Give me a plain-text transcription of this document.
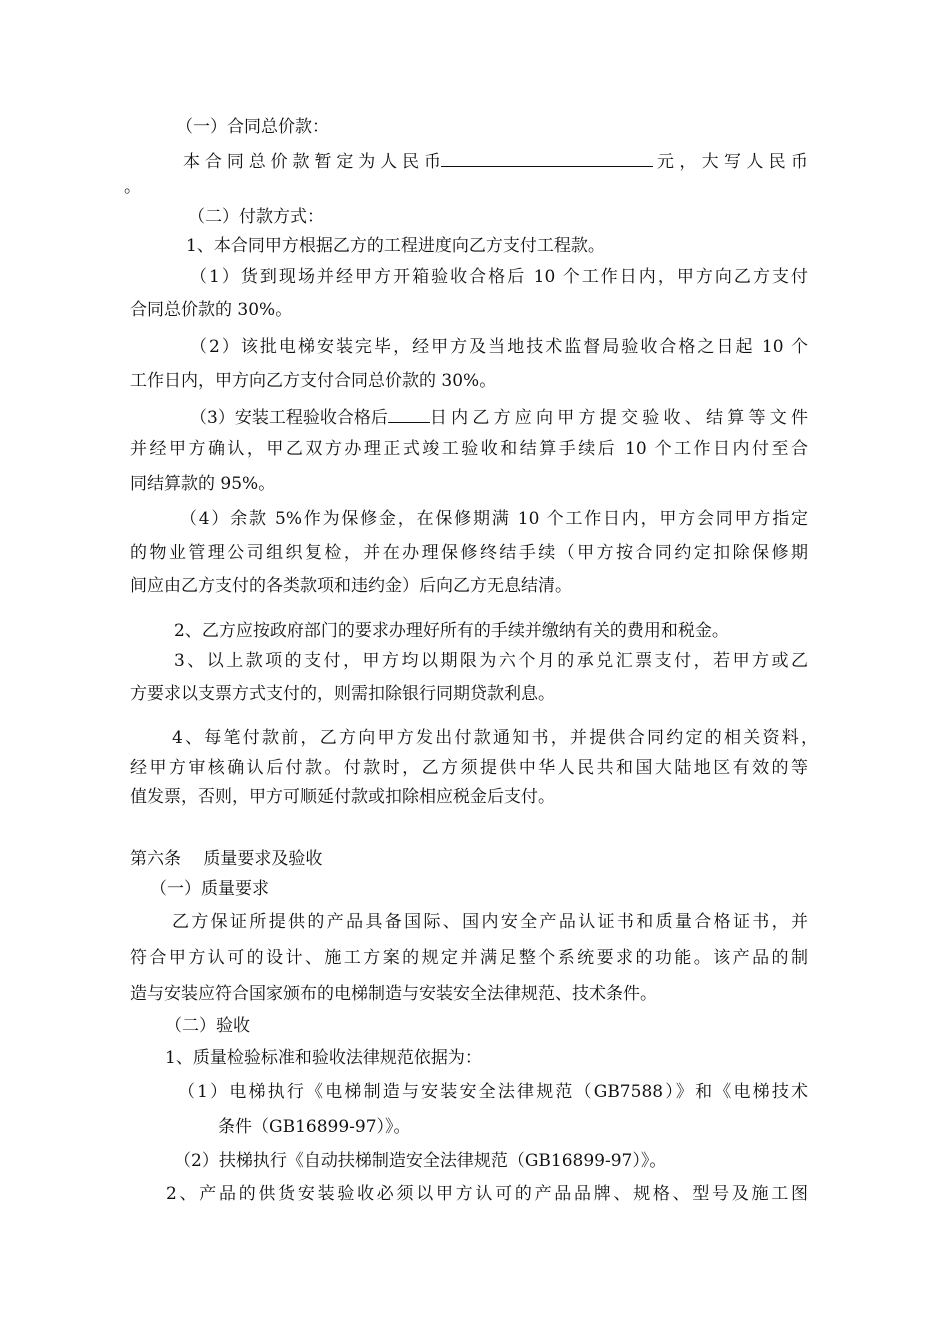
（一）合同总价款：
本合同总价款暂定为人民币	元，大写人民币
。
（二）付款方式：
1、本合同甲方根据乙方的工程进度向乙方支付工程款。
（1）货到现场并经甲方开箱验收合格后 10 个工作日内，甲方向乙方支付
合同总价款的 30%。
（2）该批电梯安装完毕，经甲方及当地技术监督局验收合格之日起 10 个
工作日内，甲方向乙方支付合同总价款的 30%。
（3）安装工程验收合格后 日内乙方应向甲方提交验收、结算等文件
并经甲方确认，甲乙双方办理正式竣工验收和结算手续后 10 个工作日内付至合
同结算款的 95%。
（4）余款 5%作为保修金，在保修期满 10 个工作日内，甲方会同甲方指定
的物业管理公司组织复检，并在办理保修终结手续（甲方按合同约定扣除保修期
间应由乙方支付的各类款项和违约金）后向乙方无息结清。
2、乙方应按政府部门的要求办理好所有的手续并缴纳有关的费用和税金。
3、以上款项的支付，甲方均以期限为六个月的承兑汇票支付，若甲方或乙
方要求以支票方式支付的，则需扣除银行同期贷款利息。
4、每笔付款前，乙方向甲方发出付款通知书，并提供合同约定的相关资料，
经甲方审核确认后付款。付款时，乙方须提供中华人民共和国大陆地区有效的等
值发票，否则，甲方可顺延付款或扣除相应税金后支付。
第六条　 质量要求及验收
（一）质量要求
乙方保证所提供的产品具备国际、国内安全产品认证书和质量合格证书，并
符合甲方认可的设计、施工方案的规定并满足整个系统要求的功能。该产品的制
造与安装应符合国家颁布的电梯制造与安装安全法律规范、技术条件。
（二）验收
1、质量检验标准和验收法律规范依据为：
（1）电梯执行《电梯制造与安装安全法律规范（GB7588）》和《电梯技术
条件（GB16899-97）》。
（2）扶梯执行《自动扶梯制造安全法律规范（GB16899-97）》。
2、产品的供货安装验收必须以甲方认可的产品品牌、规格、型号及施工图
